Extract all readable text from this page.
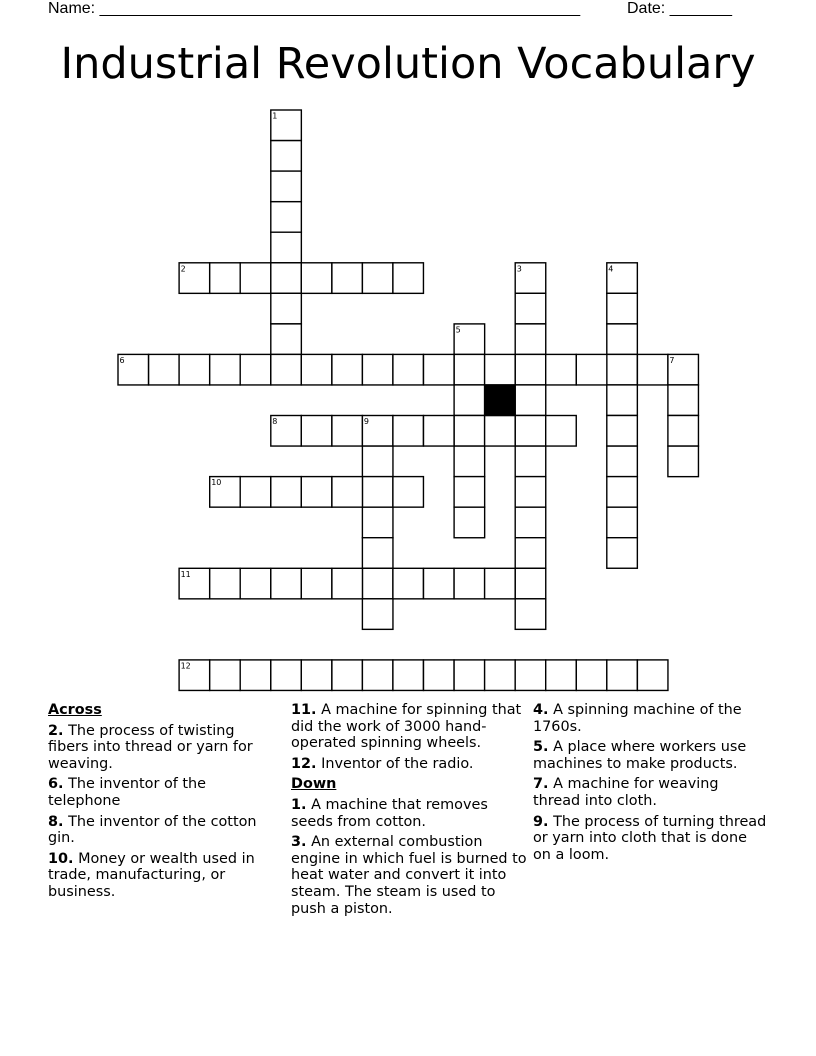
Name: ______________________________________________________	Date: _______
Industrial Revolution Vocabulary
1
2	3	4
5
6	7
8	9
10
11
12
Across
2. The process of twisting fibers into thread or yarn for weaving.
6. The inventor of the telephone
8. The inventor of the cotton gin.
10. Money or wealth used in trade, manufacturing, or business.
11. A machine for spinning that did the work of 3000 hand-operated spinning wheels.
12. Inventor of the radio.
Down
1. A machine that removes seeds from cotton.
3. An external combustion engine in which fuel is burned to heat water and convert it into steam. The steam is used to push a piston.
4. A spinning machine of the 1760s.
5. A place where workers use machines to make products.
7. A machine for weaving thread into cloth.
9. The process of turning thread or yarn into cloth that is done on a loom.
